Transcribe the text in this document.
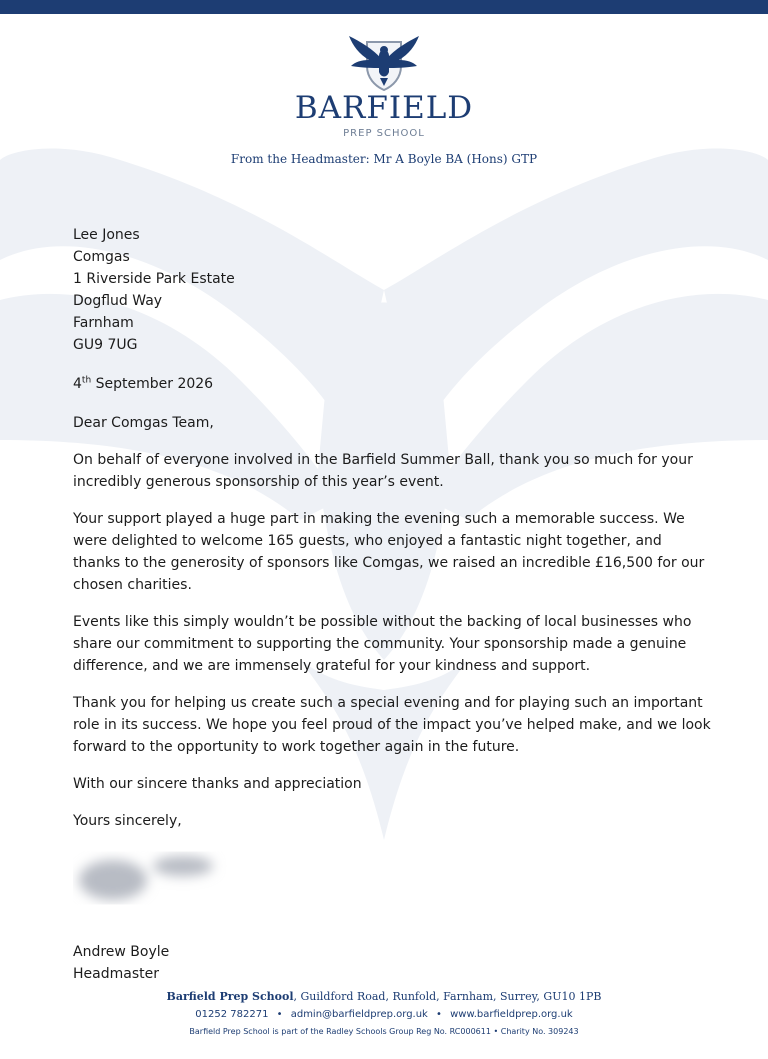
BARFIELD
PREP SCHOOL
From the Headmaster: Mr A Boyle BA (Hons) GTP
Lee Jones
Comgas
1 Riverside Park Estate
Dogflud Way
Farnham
GU9 7UG

4th September 2026

Dear Comgas Team,

On behalf of everyone involved in the Barfield Summer Ball, thank you so much for your incredibly generous sponsorship of this year’s event.

Your support played a huge part in making the evening such a memorable success. We were delighted to welcome 165 guests, who enjoyed a fantastic night together, and thanks to the generosity of sponsors like Comgas, we raised an incredible £16,500 for our chosen charities.

Events like this simply wouldn’t be possible without the backing of local businesses who share our commitment to supporting the community. Your sponsorship made a genuine difference, and we are immensely grateful for your kindness and support.

Thank you for helping us create such a special evening and for playing such an important role in its success. We hope you feel proud of the impact you’ve helped make, and we look forward to the opportunity to work together again in the future.

With our sincere thanks and appreciation

Yours sincerely,

Andrew Boyle
Headmaster
Barfield Prep School, Guildford Road, Runfold, Farnham, Surrey, GU10 1PB
01252 782271 • admin@barfieldprep.org.uk • www.barfieldprep.org.uk
Barfield Prep School is part of the Radley Schools Group Reg No. RC000611 • Charity No. 309243
